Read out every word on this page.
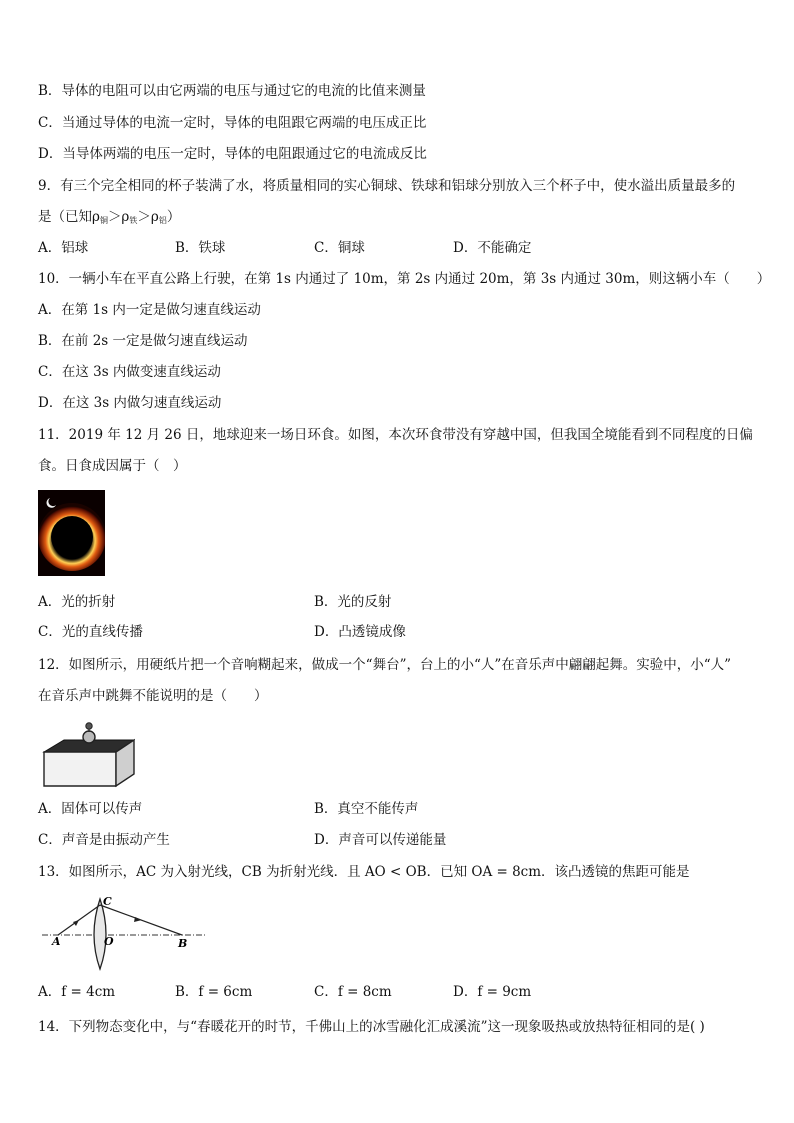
B．导体的电阻可以由它两端的电压与通过它的电流的比值来测量
C．当通过导体的电流一定时，导体的电阻跟它两端的电压成正比
D．当导体两端的电压一定时，导体的电阻跟通过它的电流成反比
9．有三个完全相同的杯子装满了水，将质量相同的实心铜球、铁球和铝球分别放入三个杯子中，使水溢出质量最多的
是（已知$\rho_铜>\rho_铁>\rho_铝$）
A．铝球	B．铁球	C．铜球	D．不能确定
10．一辆小车在平直公路上行驶，在第 1s 内通过了 10m，第 2s 内通过 20m，第 3s 内通过 30m，则这辆小车（　　）
A．在第 1s 内一定是做匀速直线运动
B．在前 2s 一定是做匀速直线运动
C．在这 3s 内做变速直线运动
D．在这 3s 内做匀速直线运动
11．2019 年 12 月 26 日，地球迎来一场日环食。如图，本次环食带没有穿越中国，但我国全境能看到不同程度的日偏
食。日食成因属于（　）
A．光的折射	B．光的反射
C．光的直线传播	D．凸透镜成像
12．如图所示，用硬纸片把一个音响糊起来，做成一个“舞台”，台上的小“人”在音乐声中翩翩起舞。实验中，小“人”
在音乐声中跳舞不能说明的是（　　）
A．固体可以传声	B．真空不能传声
C．声音是由振动产生	D．声音可以传递能量
13．如图所示，AC 为入射光线，CB 为折射光线．且 AO < OB．已知 OA = 8cm．该凸透镜的焦距可能是
C
A	O	B
A．f = 4cm	B．f = 6cm	C．f = 8cm	D．f = 9cm
14．下列物态变化中，与“春暖花开的时节，千佛山上的冰雪融化汇成溪流”这一现象吸热或放热特征相同的是( )
